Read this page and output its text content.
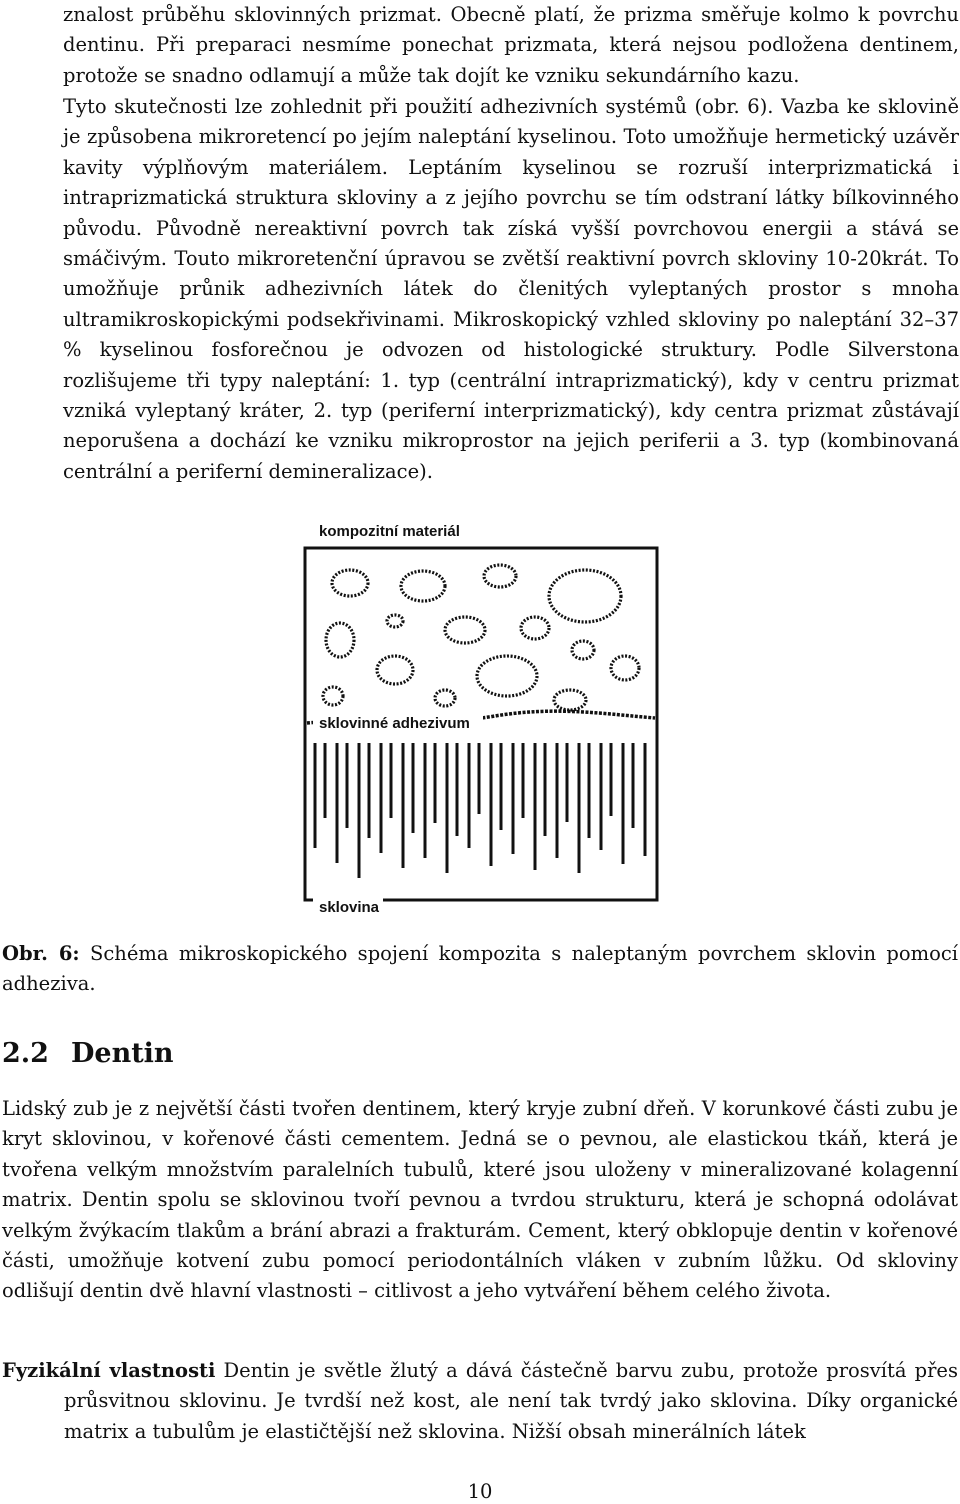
znalost průběhu sklovinných prizmat. Obecně platí, že prizma směřuje kolmo k povrchu dentinu. Při preparaci nesmíme ponechat prizmata, která nejsou podložena dentinem, protože se snadno odlamují a může tak dojít ke vzniku sekundárního kazu.

Tyto skutečnosti lze zohlednit při použití adhezivních systémů (obr. 6). Vazba ke sklovině je způsobena mikroretencí po jejím naleptání kyselinou. Toto umožňuje hermetický uzávěr kavity výplňovým materiálem. Leptáním kyselinou se rozruší interprizmatická i intraprizmatická struktura skloviny a z jejího povrchu se tím odstraní látky bílkovinného původu. Původně nereaktivní povrch tak získá vyšší povrchovou energii a stává se smáčivým. Touto mikroretenční úpravou se zvětší reaktivní povrch skloviny 10-20krát. To umožňuje průnik adhezivních látek do členitých vyleptaných prostor s mnoha ultramikroskopickými podsekřivinami. Mikroskopický vzhled skloviny po naleptání 32–37 % kyselinou fosforečnou je odvozen od histologické struktury. Podle Silverstona rozlišujeme tři typy naleptání: 1. typ (centrální intraprizmatický), kdy v centru prizmat vzniká vyleptaný kráter, 2. typ (periferní interprizmatický), kdy centra prizmat zůstávají neporušena a dochází ke vzniku mikroprostor na jejich periferii a 3. typ (kombinovaná centrální a periferní demineralizace).

kompozitní materiál
sklovinné adhezivum
sklovina

Obr. 6: Schéma mikroskopického spojení kompozita s naleptaným povrchem sklovin pomocí adheziva.

2.2 Dentin

Lidský zub je z největší části tvořen dentinem, který kryje zubní dřeň. V korunkové části zubu je kryt sklovinou, v kořenové části cementem. Jedná se o pevnou, ale elastickou tkáň, která je tvořena velkým množstvím paralelních tubulů, které jsou uloženy v mineralizované kolagenní matrix. Dentin spolu se sklovinou tvoří pevnou a tvrdou strukturu, která je schopná odolávat velkým žvýkacím tlakům a brání abrazi a frakturám. Cement, který obklopuje dentin v kořenové části, umožňuje kotvení zubu pomocí periodontálních vláken v zubním lůžku. Od skloviny odlišují dentin dvě hlavní vlastnosti – citlivost a jeho vytváření během celého života.

Fyzikální vlastnosti Dentin je světle žlutý a dává částečně barvu zubu, protože prosvítá přes průsvitnou sklovinu. Je tvrdší než kost, ale není tak tvrdý jako sklovina. Díky organické matrix a tubulům je elastičtější než sklovina. Nižší obsah minerálních látek

10
